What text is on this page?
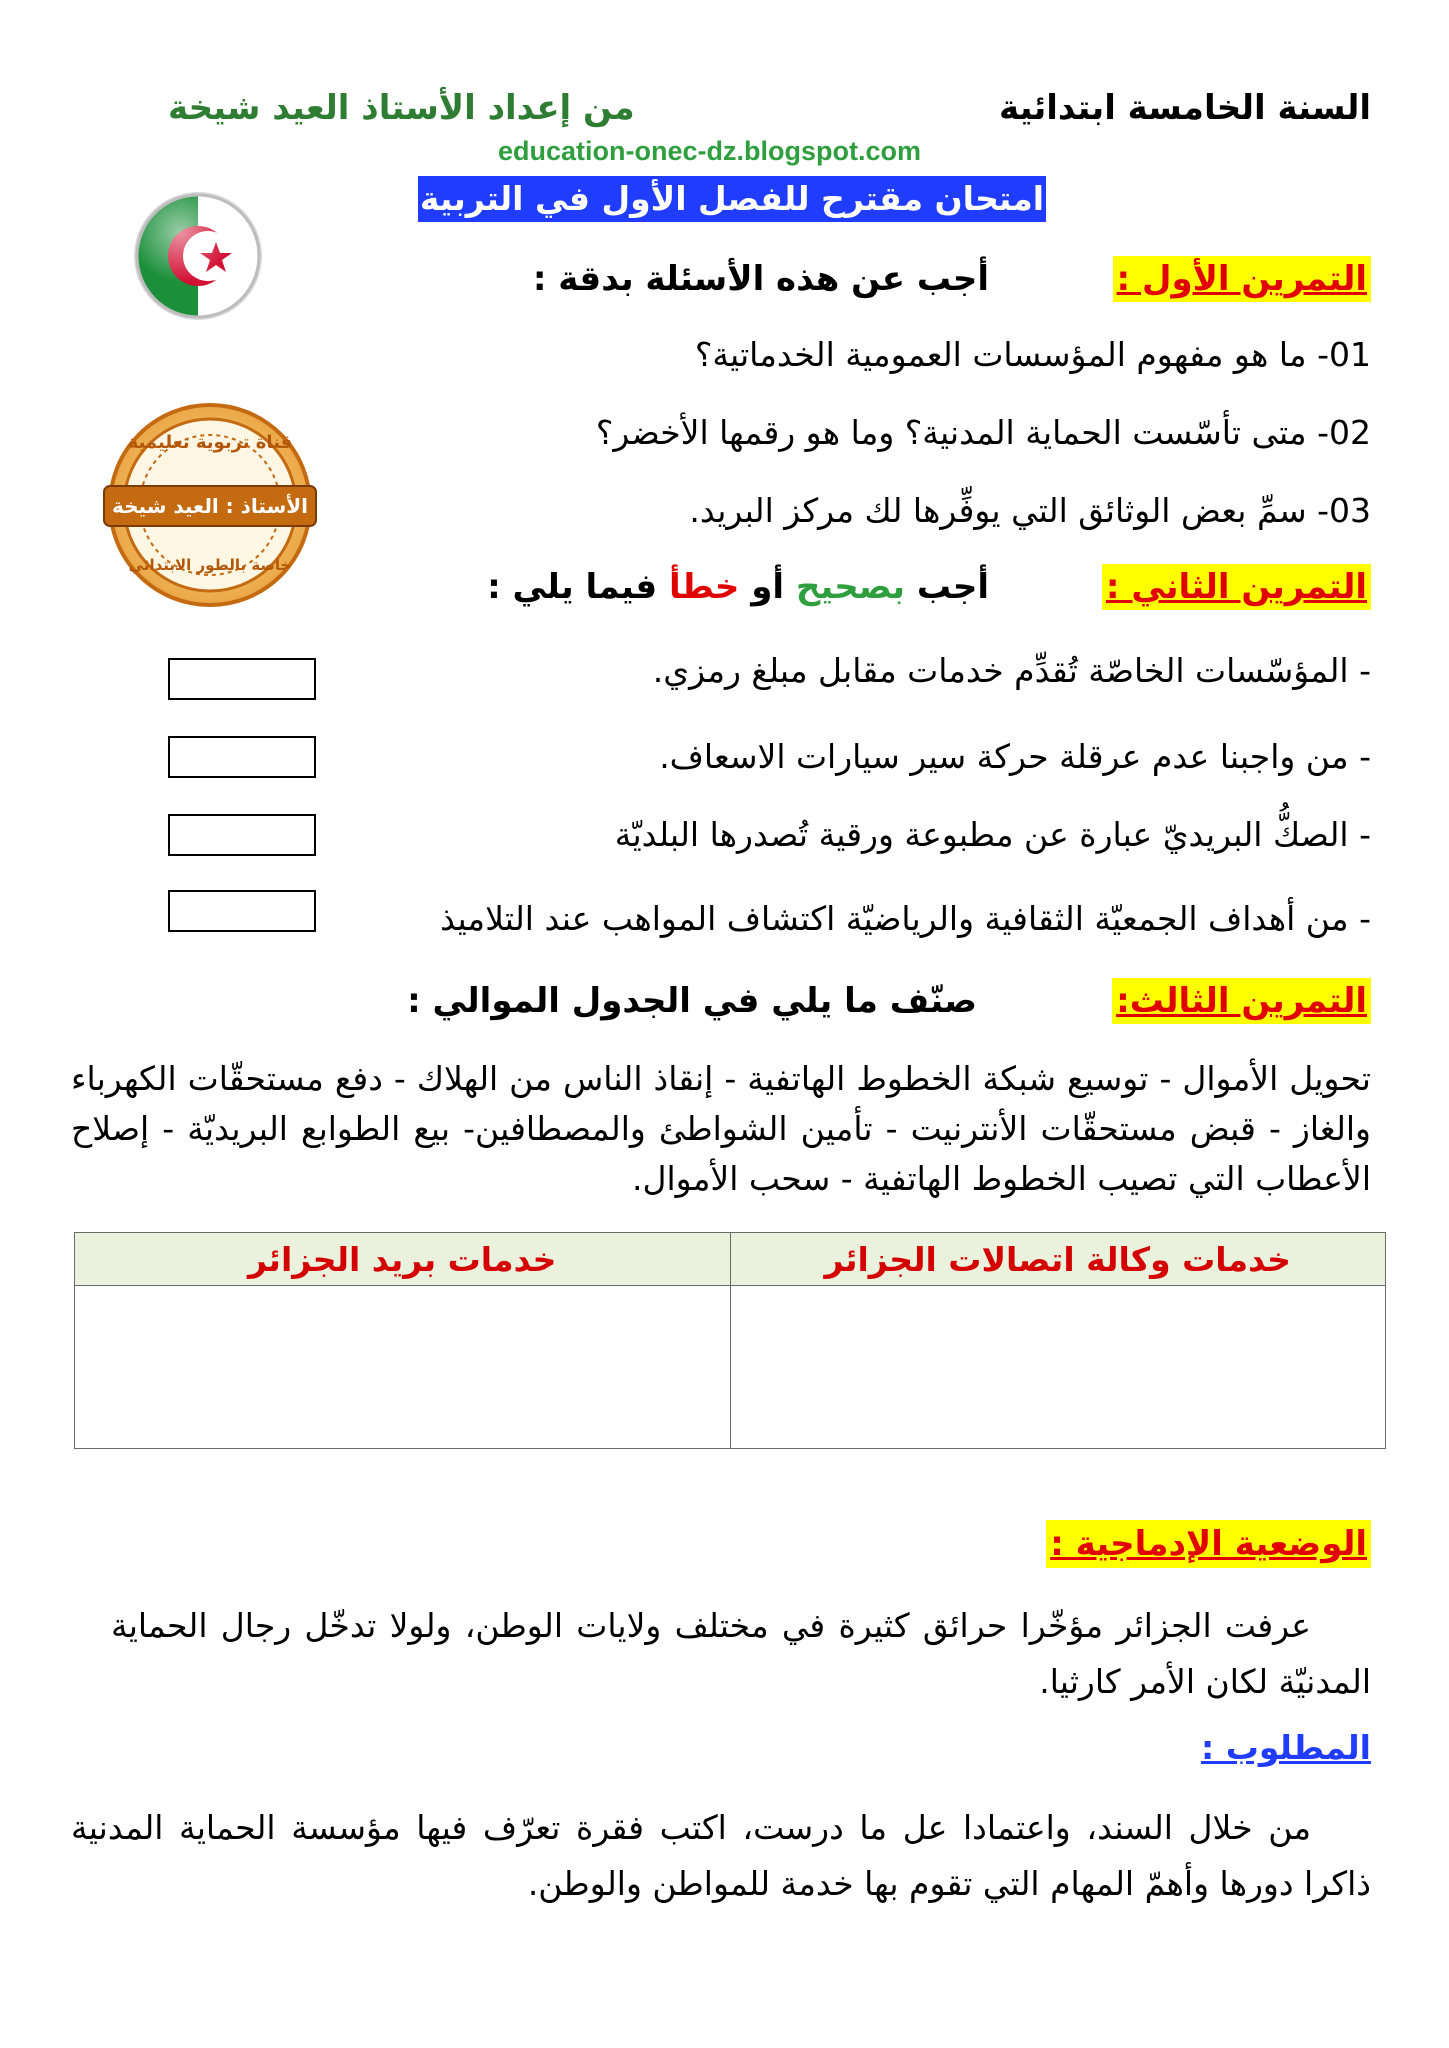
السنة الخامسة ابتدائية
من إعداد الأستاذ العيد شيخة
education-onec-dz.blogspot.com
امتحان مقترح للفصل الأول في التربية المدنية
قناة تربوية تعليمية
الأستاذ : العيد شيخة
خاصة بالطور الابتدائي
التمرين الأول :
أجب عن هذه الأسئلة بدقة :
01- ما هو مفهوم المؤسسات العمومية الخدماتية؟
02- متى تأسّست الحماية المدنية؟ وما هو رقمها الأخضر؟
03- سمِّ بعض الوثائق التي يوفِّرها لك مركز البريد.
التمرين الثاني :
أجب بصحيح أو خطأ فيما يلي :
- المؤسّسات الخاصّة تُقدِّم خدمات مقابل مبلغ رمزي.
- من واجبنا عدم عرقلة حركة سير سيارات الاسعاف.
- الصكُّ البريديّ عبارة عن مطبوعة ورقية تُصدرها البلديّة
- من أهداف الجمعيّة الثقافية والرياضيّة اكتشاف المواهب عند التلاميذ
التمرين الثالث:
صنّف ما يلي في الجدول الموالي :
تحويل الأموال - توسيع شبكة الخطوط الهاتفية - إنقاذ الناس من الهلاك - دفع مستحقّات الكهرباء والغاز - قبض مستحقّات الأنترنيت - تأمين الشواطئ والمصطافين- بيع الطوابع البريديّة - إصلاح الأعطاب التي تصيب الخطوط الهاتفية - سحب الأموال.
خدمات بريد الجزائر	خدمات وكالة اتصالات الجزائر

الوضعية الإدماجية :
عرفت الجزائر مؤخّرا حرائق كثيرة في مختلف ولايات الوطن، ولولا تدخّل رجال الحماية المدنيّة لكان الأمر كارثيا.
المطلوب :
من خلال السند، واعتمادا عل ما درست، اكتب فقرة تعرّف فيها مؤسسة الحماية المدنية ذاكرا دورها وأهمّ المهام التي تقوم بها خدمة للمواطن والوطن.
